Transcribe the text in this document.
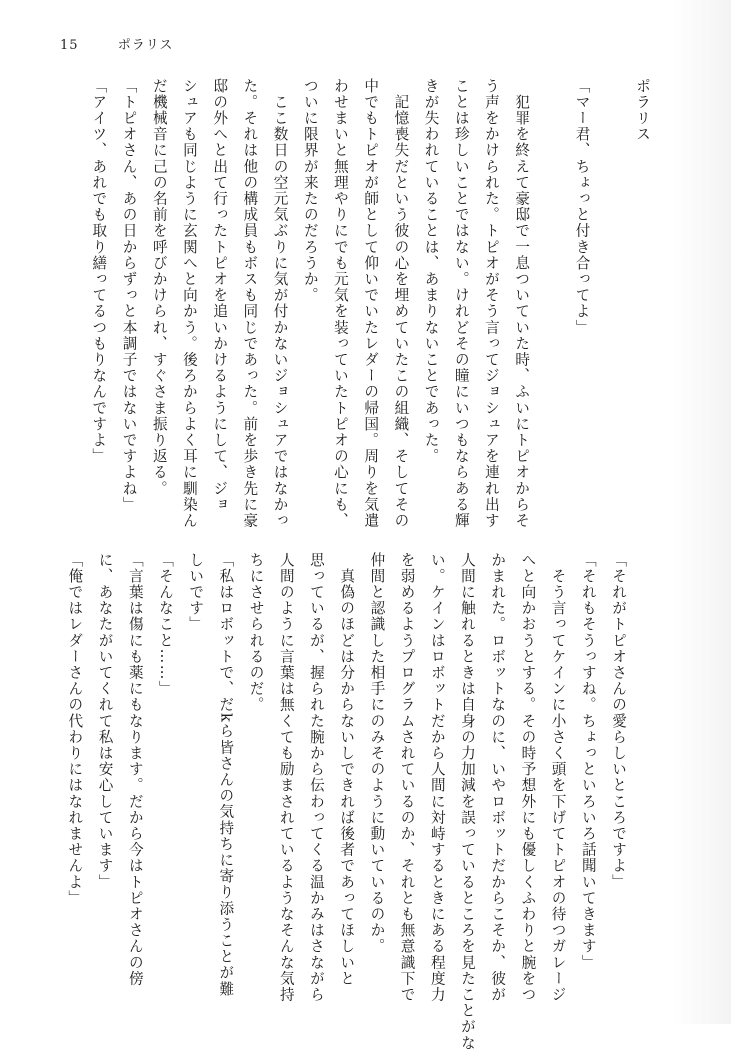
15	ポラリス

ポラリス

「マー君、ちょっと付き合ってよ」

　犯罪を終えて豪邸で一息ついていた時、ふいにトピオからそ

う声をかけられた。トピオがそう言ってジョシュアを連れ出す

ことは珍しいことではない。けれどその瞳にいつもならある輝

きが失われていることは、あまりないことであった。

　記憶喪失だという彼の心を埋めていたこの組織、そしてその

中でもトピオが師として仰いでいたレダーの帰国。周りを気遣

わせまいと無理やりにでも元気を装っていたトピオの心にも、

ついに限界が来たのだろうか。

　ここ数日の空元気ぶりに気が付かないジョシュアではなかっ

た。それは他の構成員もボスも同じであった。前を歩き先に豪

邸の外へと出て行ったトピオを追いかけるようにして、ジョ

シュアも同じように玄関へと向かう。後ろからよく耳に馴染ん

だ機械音に己の名前を呼びかけられ、すぐさま振り返る。

「トピオさん、あの日からずっと本調子ではないですよね」

「アイツ、あれでも取り繕ってるつもりなんですよ」

「それがトピオさんの愛らしいところですよ」

「それもそうっすね。ちょっといろいろ話聞いてきます」

　そう言ってケインに小さく頭を下げてトピオの待つガレージ

へと向かおうとする。その時予想外にも優しくふわりと腕をつ

かまれた。ロボットなのに、いやロボットだからこそか、彼が

人間に触れるときは自身の力加減を誤っているところを見たことがな

い。ケインはロボットだから人間に対峙するときにある程度力

を弱めるようプログラムされているのか、それとも無意識下で

仲間と認識した相手にのみそのように動いているのか。

　真偽のほどは分からないしできれば後者であってほしいと

思っているが、握られた腕から伝わってくる温かみはさながら

人間のように言葉は無くても励まされているようなそんな気持

ちにさせられるのだ。

「私はロボットで、だkら皆さんの気持ちに寄り添うことが難

しいです」

「そんなこと……」

「言葉は傷にも薬にもなります。だから今はトピオさんの傍

に、あなたがいてくれて私は安心しています」

「俺ではレダーさんの代わりにはなれませんよ」
